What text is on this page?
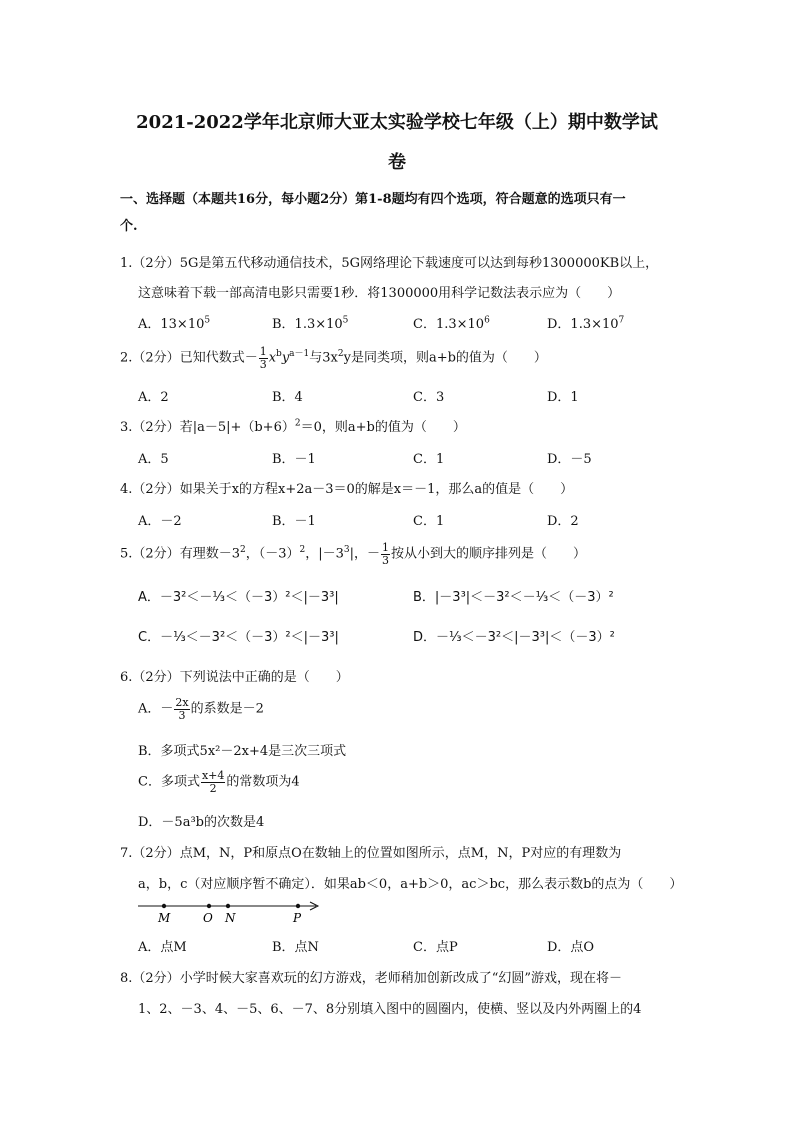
2021-2022学年北京师大亚太实验学校七年级（上）期中数学试
卷
一、选择题（本题共16分，每小题2分）第1-8题均有四个选项，符合题意的选项只有一
个.
1.（2分）5G是第五代移动通信技术，5G网络理论下载速度可以达到每秒1300000KB以上，
这意味着下载一部高清电影只需要1秒．将1300000用科学记数法表示应为（　　）
A．$13\times 10^5$	B．$1.3\times 10^5$	C．$1.3\times 10^6$	D．$1.3\times 10^7$
2.（2分）已知代数式－ $\frac{1}{3} x^by^{a-1}$与$3x^2y$是同类项，则a+b的值为（　　）
A．2	B．4	C．3	D．1
3.（2分）若$|a-5|+(b+6)^2=0$，则a+b的值为（　　）
A．5	B．－1	C．1	D．－5
4.（2分）如果关于x的方程x+2a－3＝0的解是x＝－1，那么a的值是（　　）
A．－2	B．－1	C．1	D．2
5.（2分）有理数$-3^2$，$(-3)^2$，$|-3^3|$，－ $\frac{1}{3}$ 按从小到大的顺序排列是（　　）
A．－3²＜－⅓＜（－3）²＜|－3³|	B．|－3³|＜－3²＜－⅓＜（－3）²
C．－⅓＜－3²＜（－3）²＜|－3³|	D．－⅓＜－3²＜|－3³|＜（－3）²
6.（2分）下列说法中正确的是（　　）
A．－ $\frac{2x}{3}$ 的系数是－2
B．多项式5x²－2x+4是三次三项式
C．多项式 $\frac{x+4}{2}$ 的常数项为4
D．－5a³b的次数是4
7.（2分）点M，N，P和原点O在数轴上的位置如图所示，点M，N，P对应的有理数为
a，b，c（对应顺序暂不确定）．如果ab＜0，a+b＞0，ac＞bc，那么表示数b的点为（　　）
M	O N	P
A．点M	B．点N	C．点P	D．点O
8.（2分）小学时候大家喜欢玩的幻方游戏，老师稍加创新改成了“幻圆”游戏，现在将－
1、2、－3、4、－5、6、－7、8分别填入图中的圆圈内，使横、竖以及内外两圈上的4
